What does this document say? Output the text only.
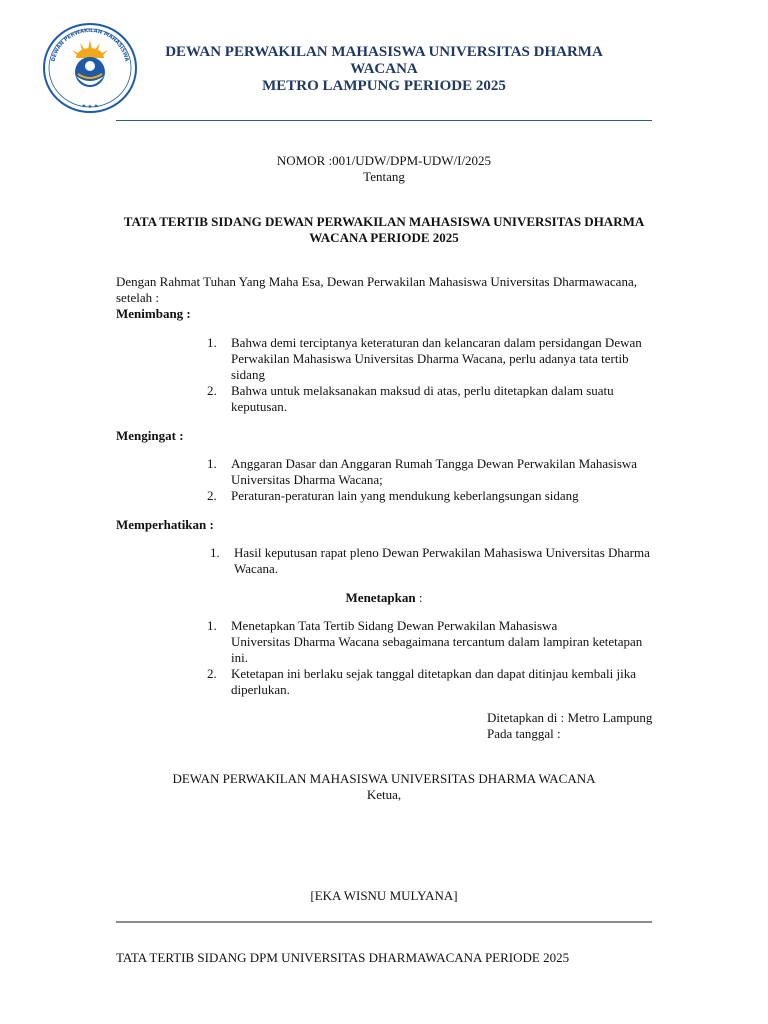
DEWAN PERWAKILAN MAHASISWA
★ ★ ★
DEWAN PERWAKILAN MAHASISWA UNIVERSITAS DHARMA
WACANA
METRO LAMPUNG PERIODE 2025
NOMOR :001/UDW/DPM-UDW/I/2025
Tentang
TATA TERTIB SIDANG DEWAN PERWAKILAN MAHASISWA UNIVERSITAS DHARMA
WACANA PERIODE 2025
Dengan Rahmat Tuhan Yang Maha Esa, Dewan Perwakilan Mahasiswa Universitas Dharmawacana,
setelah :
Menimbang :
1. Bahwa demi terciptanya keteraturan dan kelancaran dalam persidangan Dewan Perwakilan Mahasiswa Universitas Dharma Wacana, perlu adanya tata tertib sidang
2. Bahwa untuk melaksanakan maksud di atas, perlu ditetapkan dalam suatu keputusan.
Mengingat :
1. Anggaran Dasar dan Anggaran Rumah Tangga Dewan Perwakilan Mahasiswa Universitas Dharma Wacana;
2. Peraturan-peraturan lain yang mendukung keberlangsungan sidang
Memperhatikan :
1. Hasil keputusan rapat pleno Dewan Perwakilan Mahasiswa Universitas Dharma Wacana.
Menetapkan :
1. Menetapkan Tata Tertib Sidang Dewan Perwakilan Mahasiswa
Universitas Dharma Wacana sebagaimana tercantum dalam lampiran ketetapan ini.
2. Ketetapan ini berlaku sejak tanggal ditetapkan dan dapat ditinjau kembali jika diperlukan.
Ditetapkan di : Metro Lampung
Pada tanggal :
DEWAN PERWAKILAN MAHASISWA UNIVERSITAS DHARMA WACANA
Ketua,
[EKA WISNU MULYANA]
TATA TERTIB SIDANG DPM UNIVERSITAS DHARMAWACANA PERIODE 2025
